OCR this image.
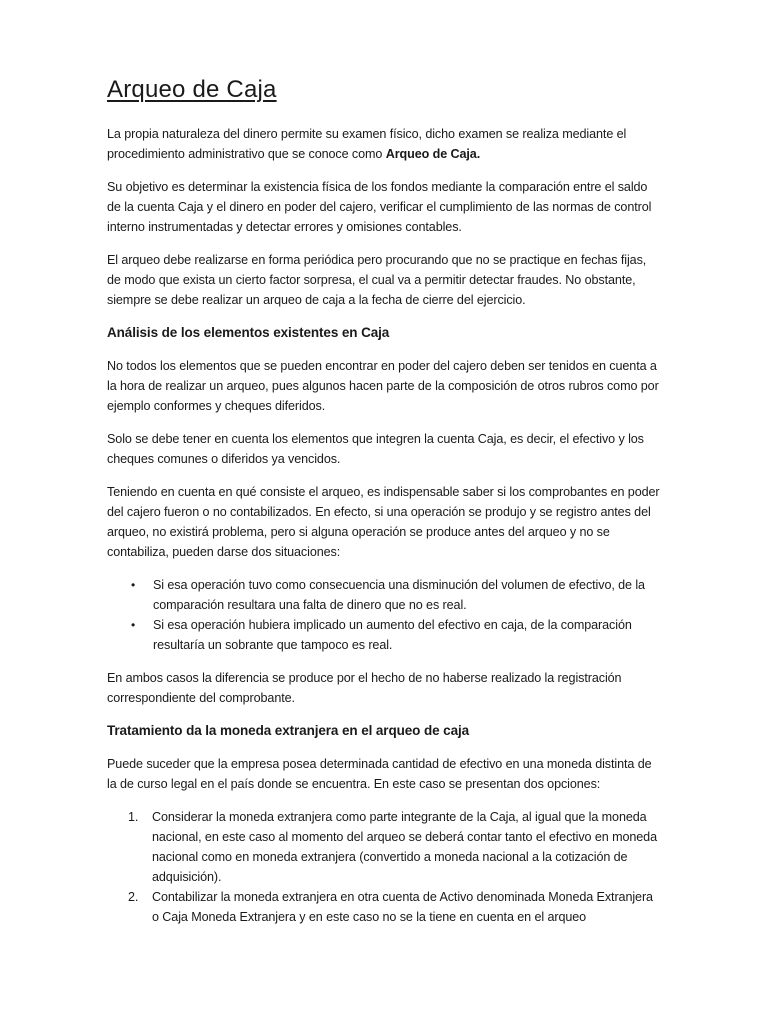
Arqueo de Caja

La propia naturaleza del dinero permite su examen físico, dicho examen se realiza mediante el procedimiento administrativo que se conoce como Arqueo de Caja.

Su objetivo es determinar la existencia física de los fondos mediante la comparación entre el saldo de la cuenta Caja y el dinero en poder del cajero, verificar el cumplimiento de las normas de control interno instrumentadas y detectar errores y omisiones contables.

El arqueo debe realizarse en forma periódica pero procurando que no se practique en fechas fijas, de modo que exista un cierto factor sorpresa, el cual va a permitir detectar fraudes. No obstante, siempre se debe realizar un arqueo de caja a la fecha de cierre del ejercicio.

Análisis de los elementos existentes en Caja

No todos los elementos que se pueden encontrar en poder del cajero deben ser tenidos en cuenta a la hora de realizar un arqueo, pues algunos hacen parte de la composición de otros rubros como por ejemplo conformes y cheques diferidos.

Solo se debe tener en cuenta los elementos que integren la cuenta Caja, es decir, el efectivo y los cheques comunes o diferidos ya vencidos.

Teniendo en cuenta en qué consiste el arqueo, es indispensable saber si los comprobantes en poder del cajero fueron o no contabilizados. En efecto, si una operación se produjo y se registro antes del arqueo, no existirá problema, pero si alguna operación se produce antes del arqueo y no se contabiliza, pueden darse dos situaciones:

• Si esa operación tuvo como consecuencia una disminución del volumen de efectivo, de la comparación resultara una falta de dinero que no es real.
• Si esa operación hubiera implicado un aumento del efectivo en caja, de la comparación resultaría un sobrante que tampoco es real.

En ambos casos la diferencia se produce por el hecho de no haberse realizado la registración correspondiente del comprobante.

Tratamiento da la moneda extranjera en el arqueo de caja

Puede suceder que la empresa posea determinada cantidad de efectivo en una moneda distinta de la de curso legal en el país donde se encuentra. En este caso se presentan dos opciones:

1. Considerar la moneda extranjera como parte integrante de la Caja, al igual que la moneda nacional, en este caso al momento del arqueo se deberá contar tanto el efectivo en moneda nacional como en moneda extranjera (convertido a moneda nacional a la cotización de adquisición).
2. Contabilizar la moneda extranjera en otra cuenta de Activo denominada Moneda Extranjera o Caja Moneda Extranjera y en este caso no se la tiene en cuenta en el arqueo
